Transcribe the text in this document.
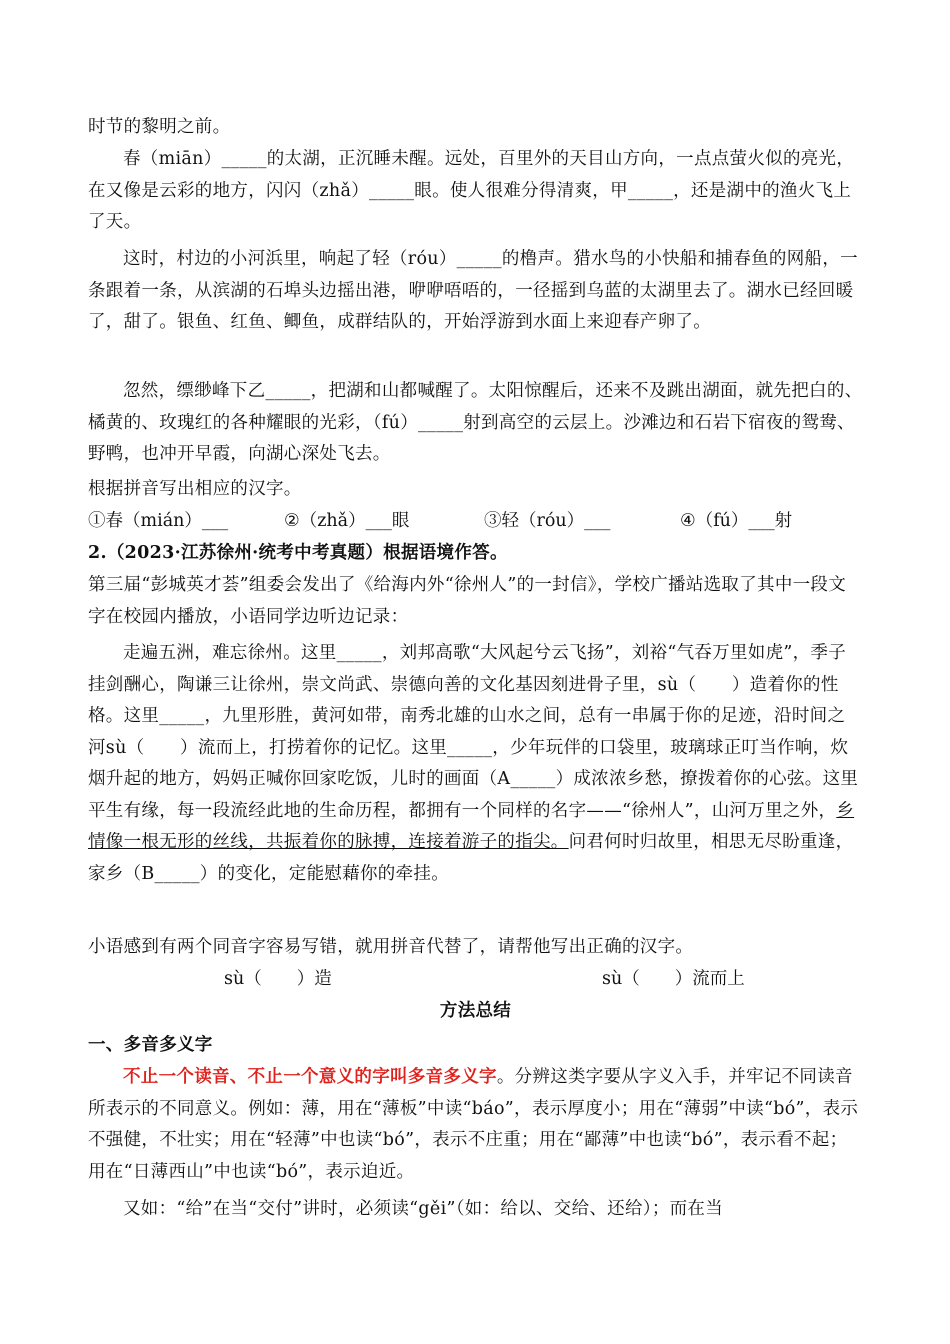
时节的黎明之前。

春（miān）_____的太湖，正沉睡未醒。远处，百里外的天目山方向，一点点萤火似的亮光，在又像是云彩的地方，闪闪（zhǎ）_____眼。使人很难分得清爽，甲_____，还是湖中的渔火飞上了天。

这时，村边的小河浜里，响起了轻（róu）_____的橹声。猎水鸟的小快船和捕春鱼的网船，一条跟着一条，从滨湖的石埠头边摇出港，咿咿唔唔的，一径摇到乌蓝的太湖里去了。湖水已经回暖了，甜了。银鱼、红鱼、鲫鱼，成群结队的，开始浮游到水面上来迎春产卵了。

忽然，缥缈峰下乙_____，把湖和山都喊醒了。太阳惊醒后，还来不及跳出湖面，就先把白的、橘黄的、玫瑰红的各种耀眼的光彩，（fú）_____射到高空的云层上。沙滩边和石岩下宿夜的鸳鸯、野鸭，也冲开早霞，向湖心深处飞去。

根据拼音写出相应的汉字。

①春（mián）___	②（zhǎ）___眼	③轻（róu）___	④（fú）___射

2.（2023·江苏徐州·统考中考真题）根据语境作答。

第三届“彭城英才荟”组委会发出了《给海内外“徐州人”的一封信》，学校广播站选取了其中一段文字在校园内播放，小语同学边听边记录：

走遍五洲，难忘徐州。这里_____，刘邦高歌“大风起兮云飞扬”，刘裕“气吞万里如虎”，季子挂剑酬心，陶谦三让徐州，崇文尚武、崇德向善的文化基因刻进骨子里，sù（　　）造着你的性格。这里_____，九里形胜，黄河如带，南秀北雄的山水之间，总有一串属于你的足迹，沿时间之河sù（　　）流而上，打捞着你的记忆。这里_____，少年玩伴的口袋里，玻璃球正叮当作响，炊烟升起的地方，妈妈正喊你回家吃饭，儿时的画面（A_____）成浓浓乡愁，撩拨着你的心弦。这里平生有缘，每一段流经此地的生命历程，都拥有一个同样的名字——“徐州人”，山河万里之外，乡情像一根无形的丝线，共振着你的脉搏，连接着游子的指尖。问君何时归故里，相思无尽盼重逢，家乡（B_____）的变化，定能慰藉你的牵挂。

小语感到有两个同音字容易写错，就用拼音代替了，请帮他写出正确的汉字。

sù（　　）造	sù（　　）流而上

方法总结

一、多音多义字

不止一个读音、不止一个意义的字叫多音多义字。分辨这类字要从字义入手，并牢记不同读音所表示的不同意义。例如：薄，用在“薄板”中读“báo”，表示厚度小；用在“薄弱”中读“bó”，表示不强健，不壮实；用在“轻薄”中也读“bó”，表示不庄重；用在“鄙薄”中也读“bó”，表示看不起；用在“日薄西山”中也读“bó”，表示迫近。

又如：“给”在当“交付”讲时，必须读“gěi”（如：给以、交给、还给）；而在当
